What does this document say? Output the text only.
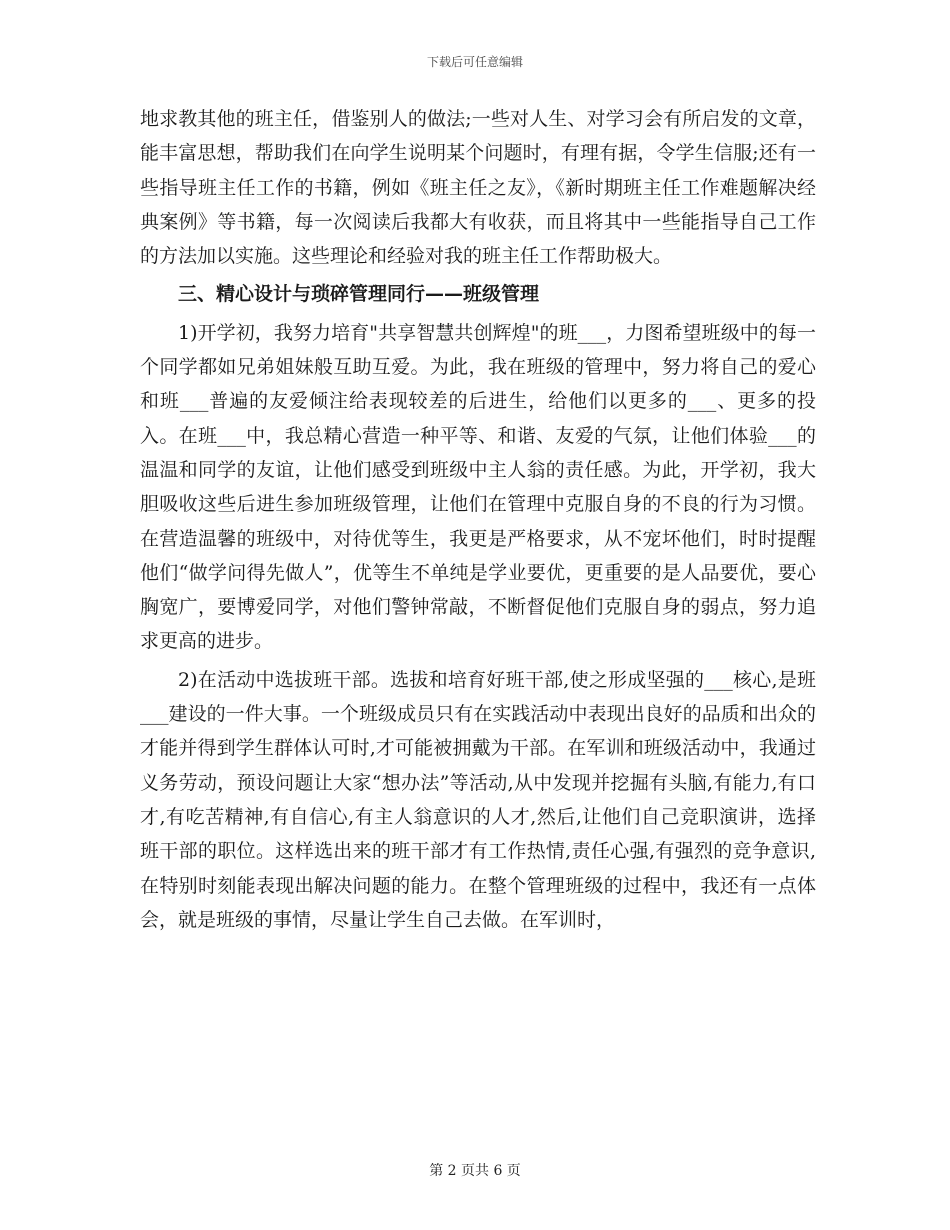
下载后可任意编辑

地求教其他的班主任，借鉴别人的做法;一些对人生、对学习会有所启发的文章，能丰富思想，帮助我们在向学生说明某个问题时，有理有据，令学生信服;还有一些指导班主任工作的书籍，例如《班主任之友》，《新时期班主任工作难题解决经典案例》等书籍，每一次阅读后我都大有收获，而且将其中一些能指导自己工作的方法加以实施。这些理论和经验对我的班主任工作帮助极大。

三、精心设计与琐碎管理同行——班级管理

1)开学初，我努力培育"共享智慧共创辉煌"的班___，力图希望班级中的每一个同学都如兄弟姐妹般互助互爱。为此，我在班级的管理中，努力将自己的爱心和班___普遍的友爱倾注给表现较差的后进生，给他们以更多的___、更多的投入。在班___中，我总精心营造一种平等、和谐、友爱的气氛，让他们体验___的温温和同学的友谊，让他们感受到班级中主人翁的责任感。为此，开学初，我大胆吸收这些后进生参加班级管理，让他们在管理中克服自身的不良的行为习惯。在营造温馨的班级中，对待优等生，我更是严格要求，从不宠坏他们，时时提醒他们“做学问得先做人”，优等生不单纯是学业要优，更重要的是人品要优，要心胸宽广，要博爱同学，对他们警钟常敲，不断督促他们克服自身的弱点，努力追求更高的进步。

2)在活动中选拔班干部。选拔和培育好班干部,使之形成坚强的___核心,是班___建设的一件大事。一个班级成员只有在实践活动中表现出良好的品质和出众的才能并得到学生群体认可时,才可能被拥戴为干部。在军训和班级活动中，我通过义务劳动，预设问题让大家“想办法”等活动,从中发现并挖掘有头脑,有能力,有口才,有吃苦精神,有自信心,有主人翁意识的人才,然后,让他们自己竞职演讲，选择班干部的职位。这样选出来的班干部才有工作热情,责任心强,有强烈的竞争意识,在特别时刻能表现出解决问题的能力。在整个管理班级的过程中，我还有一点体会，就是班级的事情，尽量让学生自己去做。在军训时，

第 2 页共 6 页
